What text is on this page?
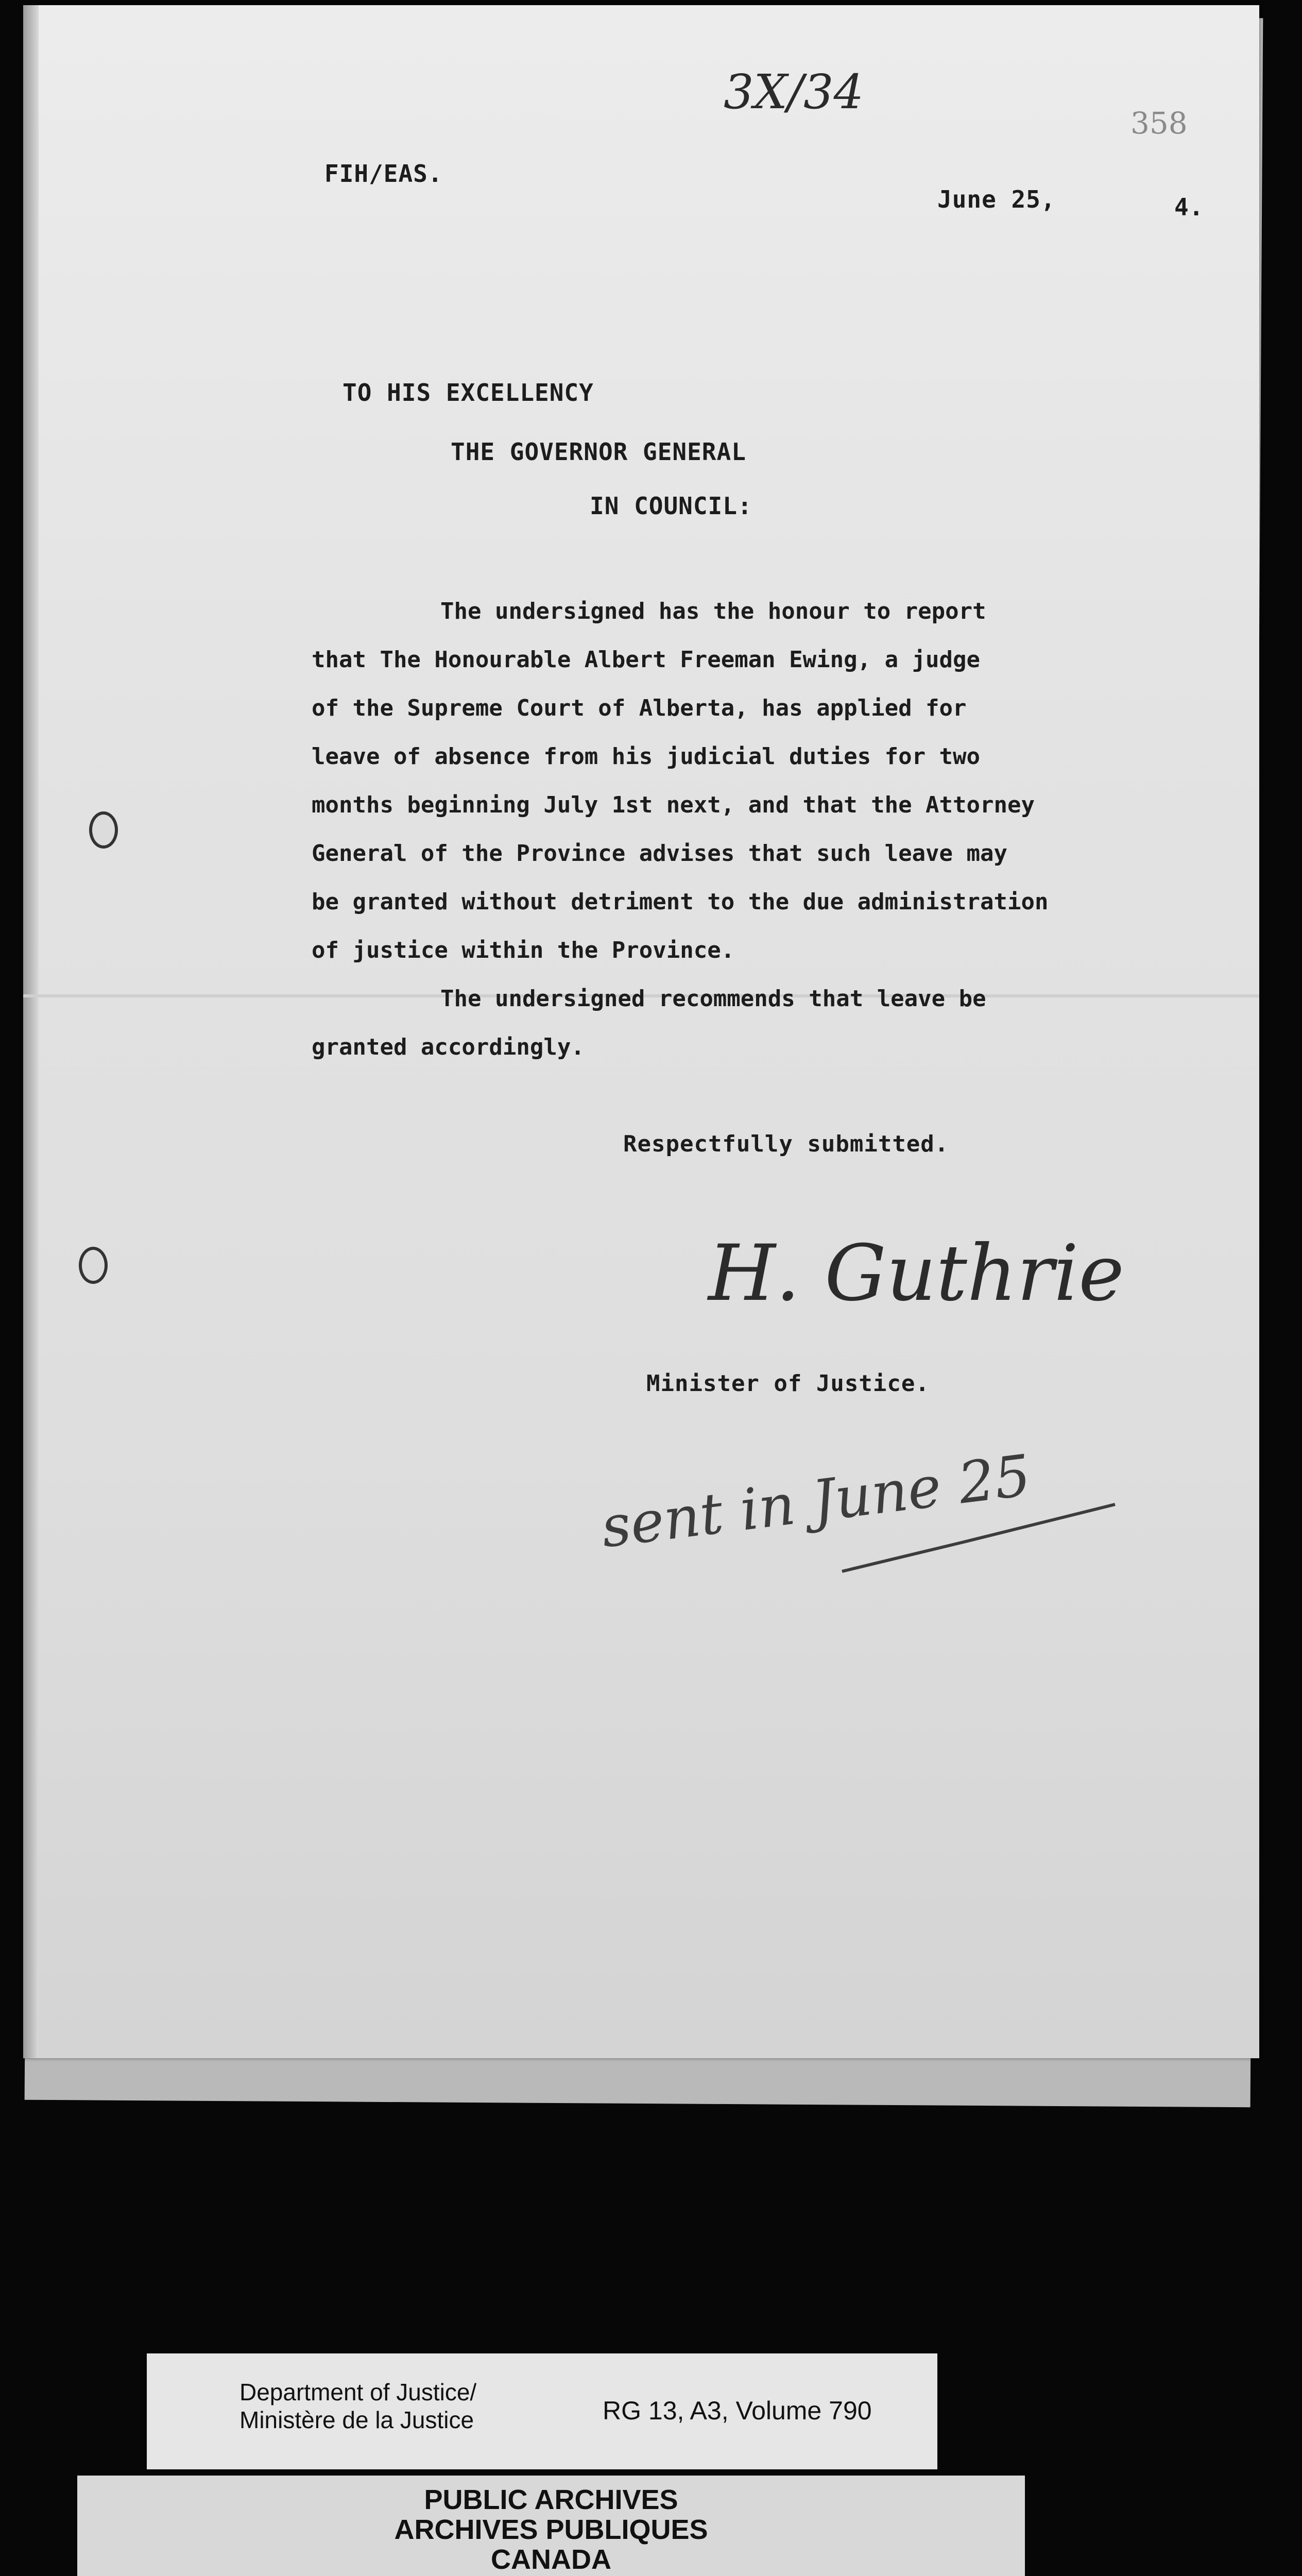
3X/34
358
FIH/EAS.
June 25,	4.
TO HIS EXCELLENCY
THE GOVERNOR GENERAL
IN COUNCIL:

The undersigned has the honour to report

that The Honourable Albert Freeman Ewing, a judge

of the Supreme Court of Alberta, has applied for

leave of absence from his judicial duties for two

months beginning July 1st next, and that the Attorney

General of the Province advises that such leave may

be granted without detriment to the due administration

of justice within the Province.

The undersigned recommends that leave be

granted accordingly.

Respectfully submitted.
H. Guthrie
Minister of Justice.
sent in June 25
Department of Justice/
Ministère de la Justice	RG 13, A3, Volume 790
PUBLIC ARCHIVES
ARCHIVES PUBLIQUES
CANADA
